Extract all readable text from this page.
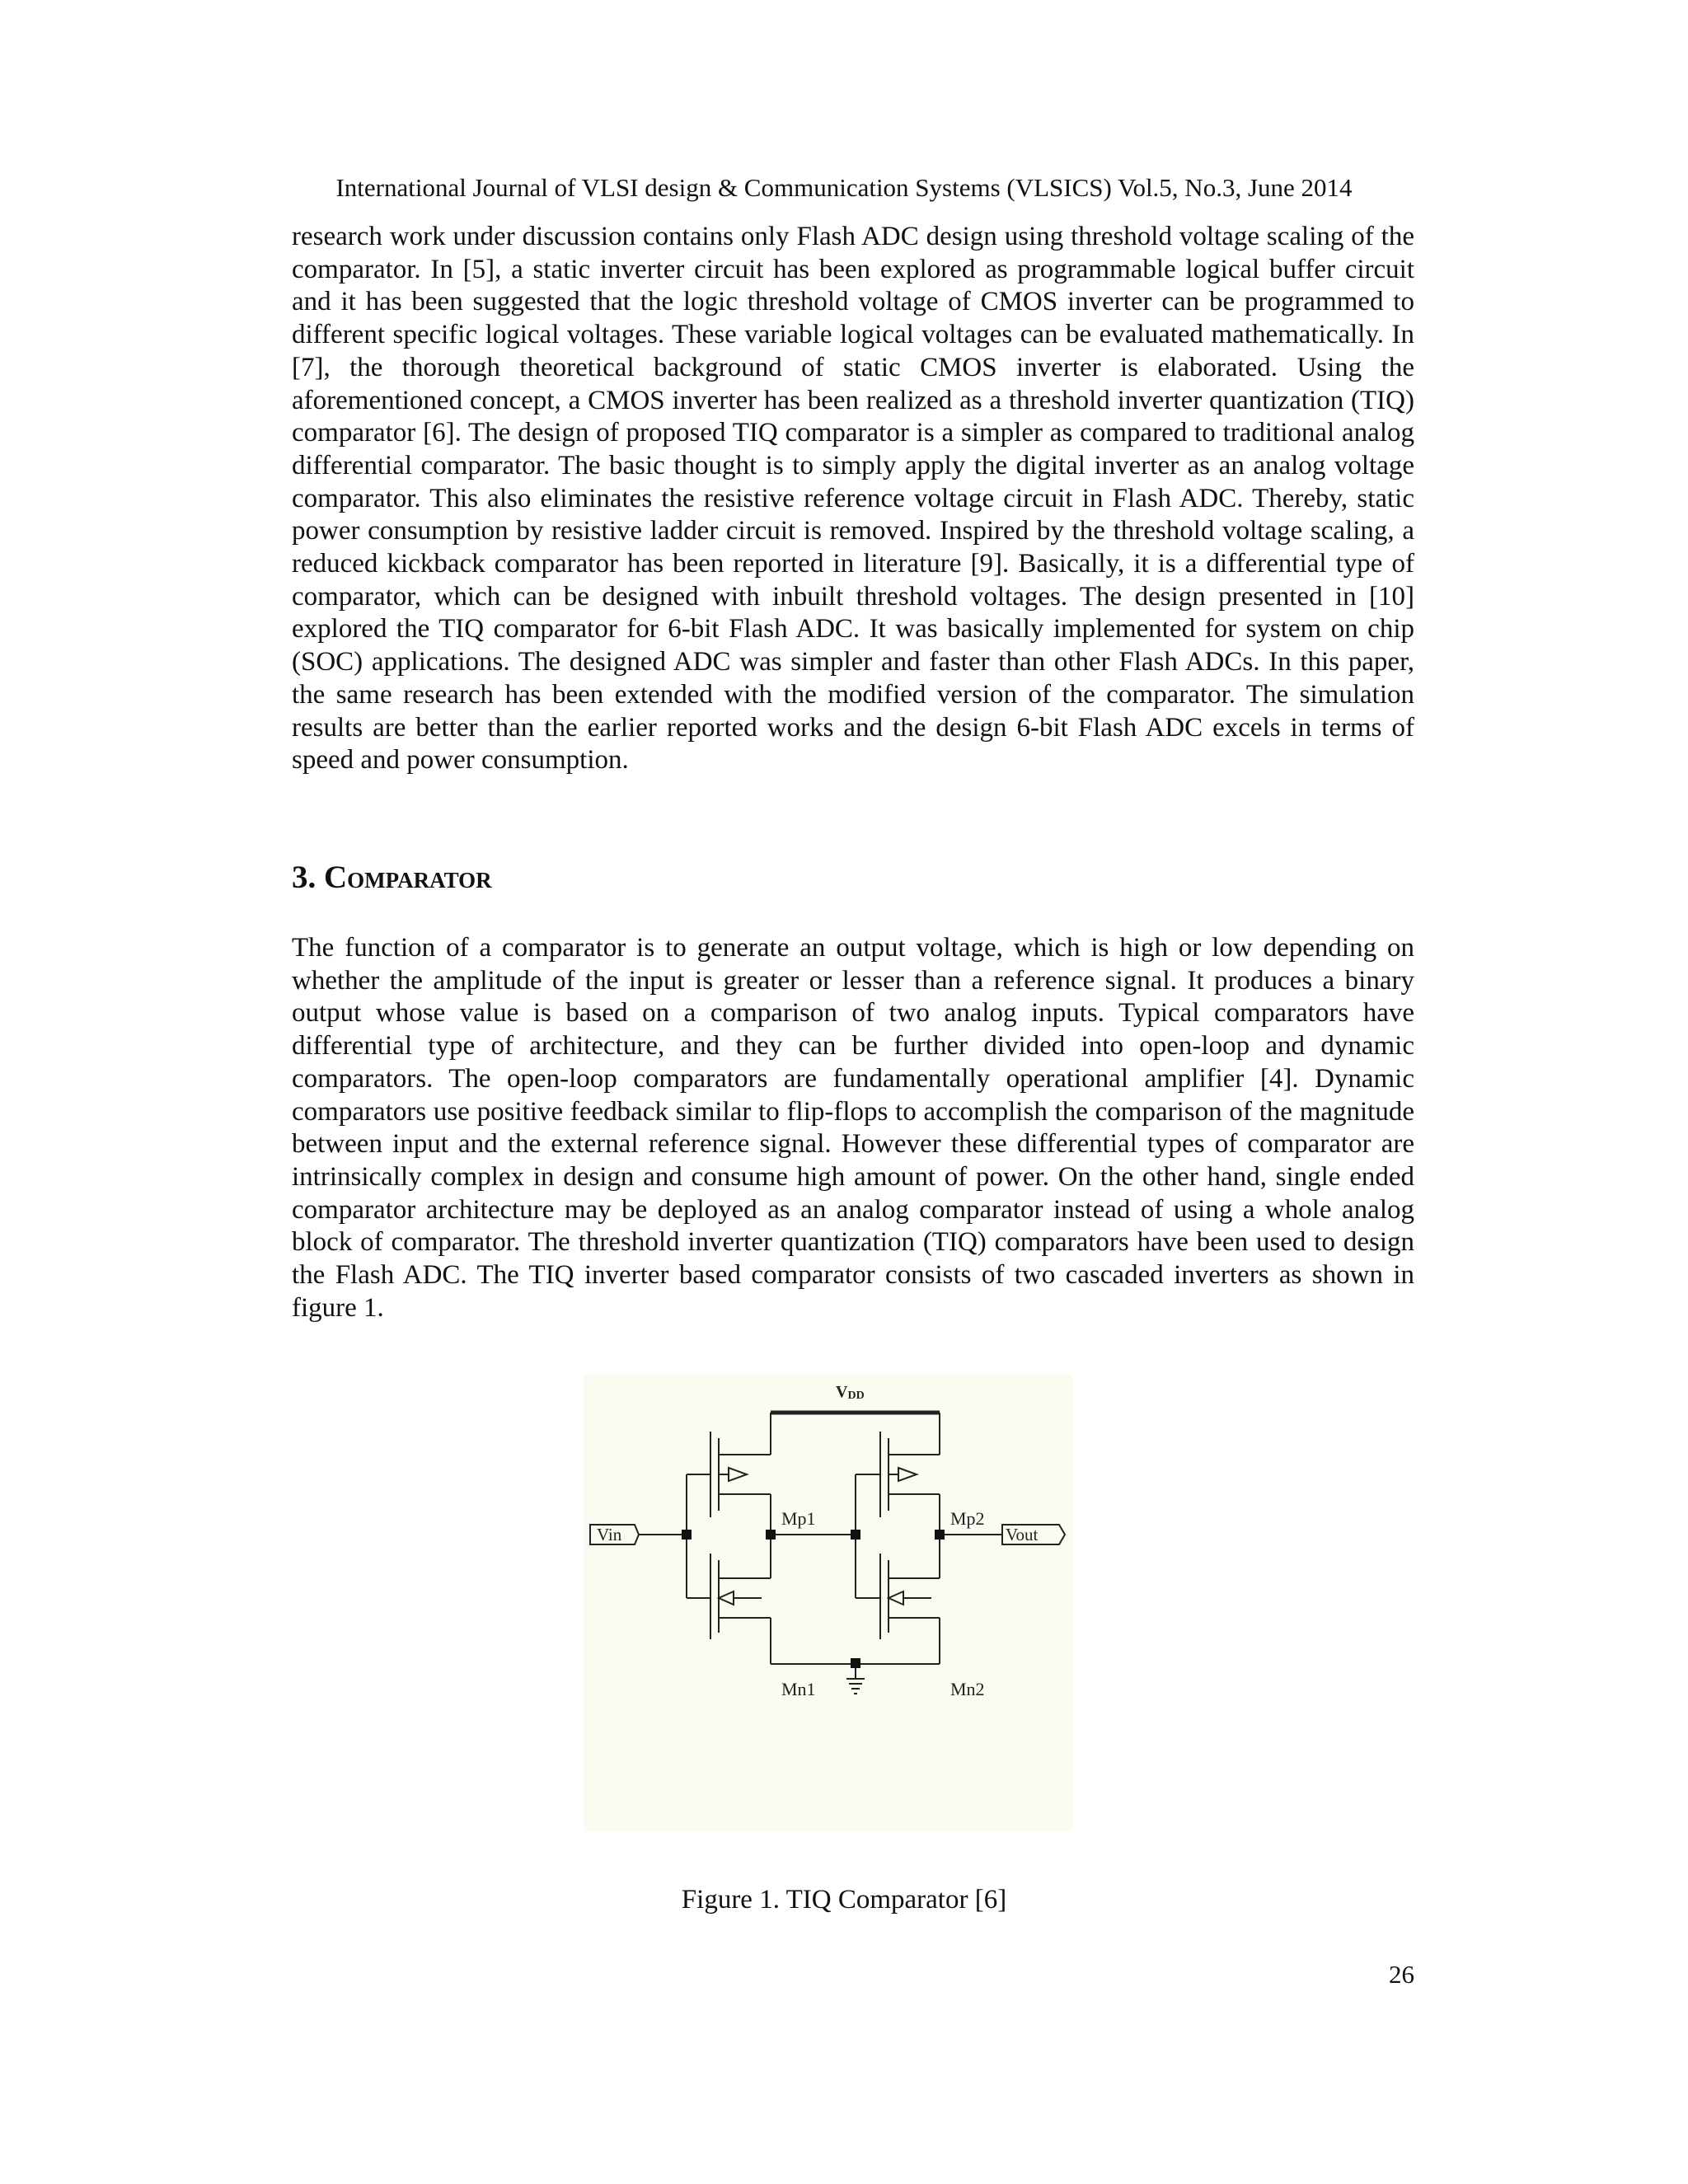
International Journal of VLSI design & Communication Systems (VLSICS) Vol.5, No.3, June 2014

research work under discussion contains only Flash ADC design using threshold voltage scaling of the comparator. In [5], a static inverter circuit has been explored as programmable logical buffer circuit and it has been suggested that the logic threshold voltage of CMOS inverter can be programmed to different specific logical voltages. These variable logical voltages can be evaluated mathematically. In [7], the thorough theoretical background of static CMOS inverter is elaborated. Using the aforementioned concept, a CMOS inverter has been realized as a threshold inverter quantization (TIQ) comparator [6]. The design of proposed TIQ comparator is a simpler as compared to traditional analog differential comparator. The basic thought is to simply apply the digital inverter as an analog voltage comparator. This also eliminates the resistive reference voltage circuit in Flash ADC. Thereby, static power consumption by resistive ladder circuit is removed. Inspired by the threshold voltage scaling, a reduced kickback comparator has been reported in literature [9]. Basically, it is a differential type of comparator, which can be designed with inbuilt threshold voltages. The design presented in [10] explored the TIQ comparator for 6-bit Flash ADC. It was basically implemented for system on chip (SOC) applications. The designed ADC was simpler and faster than other Flash ADCs. In this paper, the same research has been extended with the modified version of the comparator. The simulation results are better than the earlier reported works and the design 6-bit Flash ADC excels in terms of speed and power consumption.

3. Comparator

The function of a comparator is to generate an output voltage, which is high or low depending on whether the amplitude of the input is greater or lesser than a reference signal. It produces a binary output whose value is based on a comparison of two analog inputs. Typical comparators have differential type of architecture, and they can be further divided into open-loop and dynamic comparators. The open-loop comparators are fundamentally operational amplifier [4]. Dynamic comparators use positive feedback similar to flip-flops to accomplish the comparison of the magnitude between input and the external reference signal. However these differential types of comparator are intrinsically complex in design and consume high amount of power. On the other hand, single ended comparator architecture may be deployed as an analog comparator instead of using a whole analog block of comparator. The threshold inverter quantization (TIQ) comparators have been used to design the Flash ADC. The TIQ inverter based comparator consists of two cascaded inverters as shown in figure 1.

VDD
Mp1
Mn1
Mp2
Mn2
Vin	Vout
Figure 1. TIQ Comparator [6]
26
